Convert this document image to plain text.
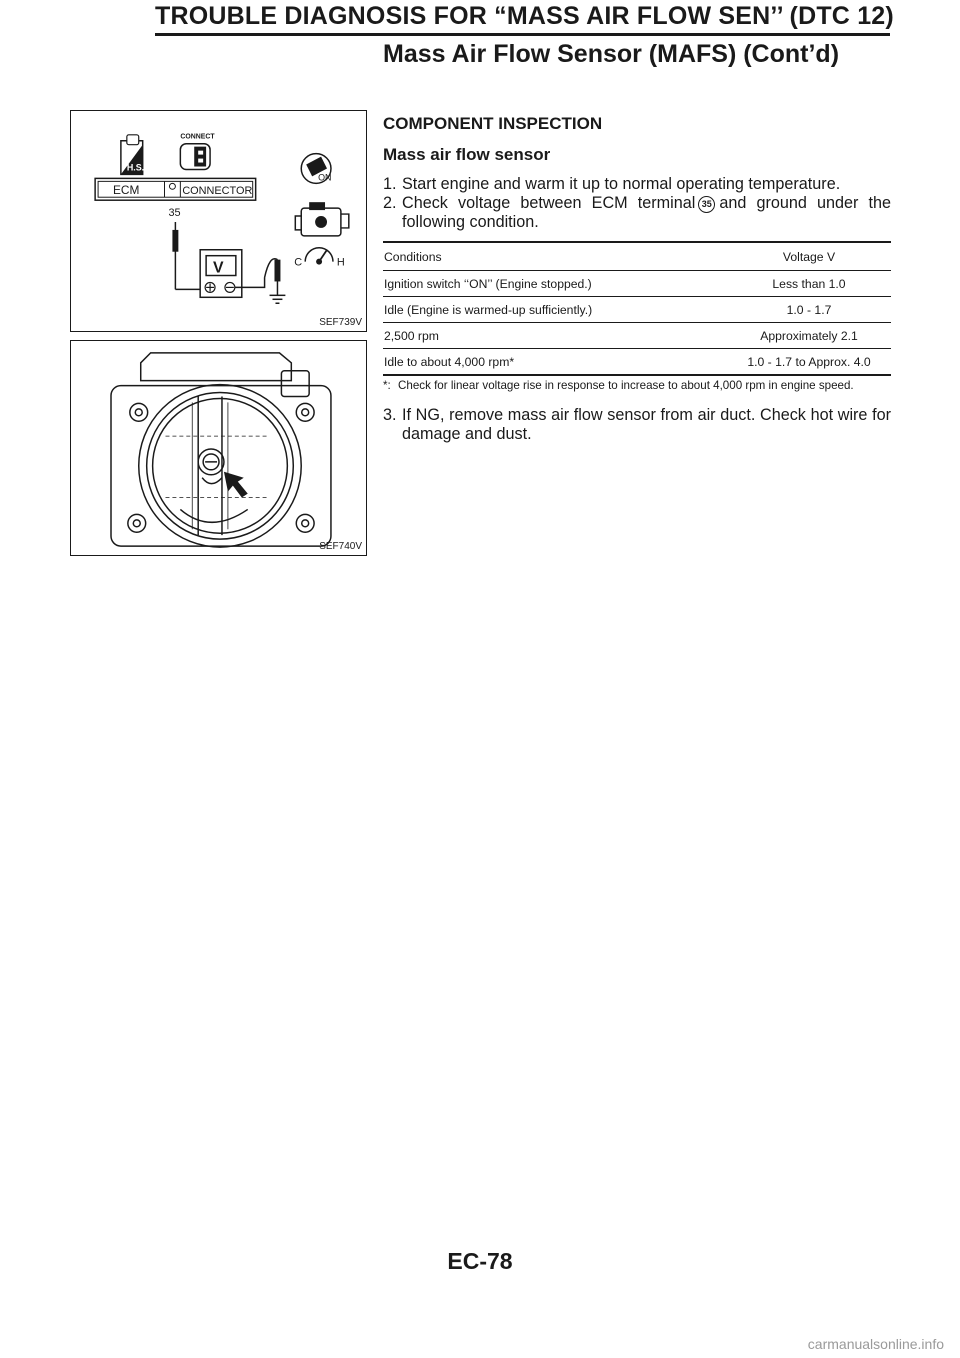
TROUBLE DIAGNOSIS FOR “MASS AIR FLOW SEN’’ (DTC 12)
Mass Air Flow Sensor (MAFS) (Cont’d)
H.S.
CONNECT
ECM	CONNECTOR
35
V
ON
C	H
SEF739V
SEF740V
COMPONENT INSPECTION
Mass air flow sensor
1. Start engine and warm it up to normal operating temperature.
2. Check voltage between ECM terminal 35 and ground under the following condition.
Conditions	Voltage V
Ignition switch ‘‘ON’’ (Engine stopped.)	Less than 1.0
Idle (Engine is warmed-up sufficiently.)	1.0 - 1.7
2,500 rpm	Approximately 2.1
Idle to about 4,000 rpm*	1.0 - 1.7 to Approx. 4.0
*: Check for linear voltage rise in response to increase to about 4,000 rpm in engine speed.
3. If NG, remove mass air flow sensor from air duct. Check hot wire for damage and dust.
EC-78
carmanualsonline.info
